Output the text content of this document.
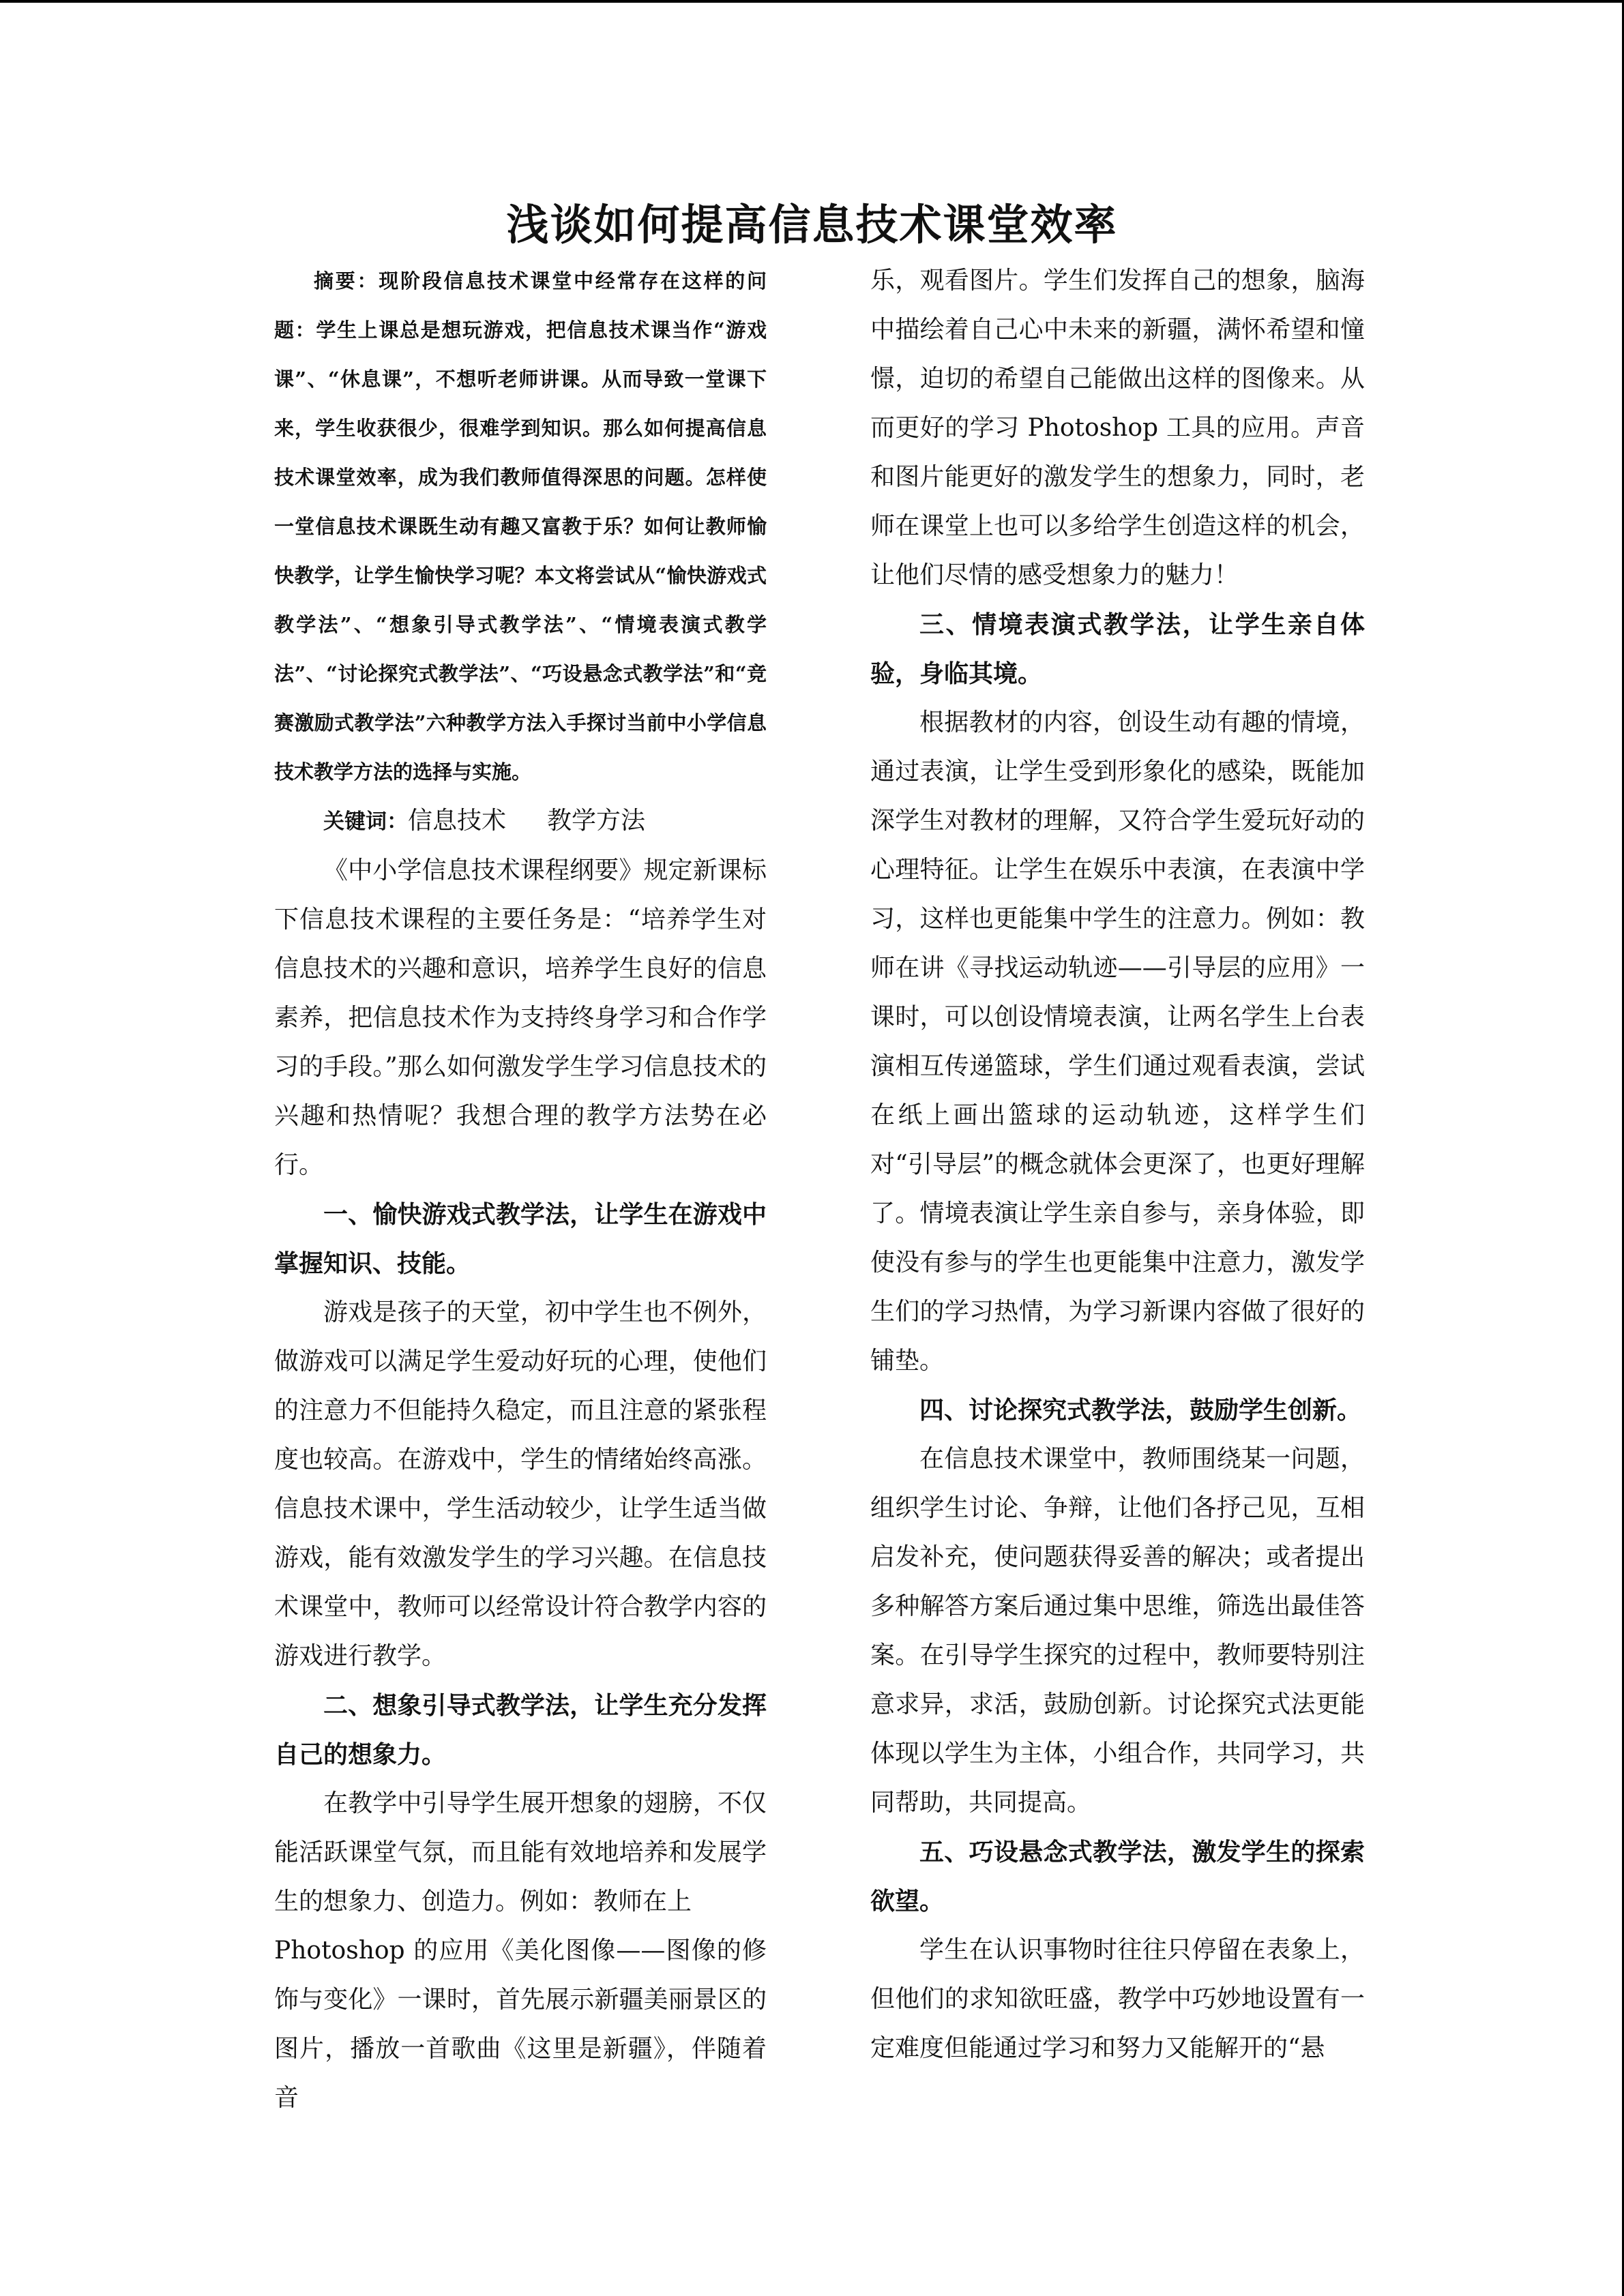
浅谈如何提高信息技术课堂效率

摘要：现阶段信息技术课堂中经常存在这样的问题：学生上课总是想玩游戏，把信息技术课当作“游戏课”、“休息课”，不想听老师讲课。从而导致一堂课下来，学生收获很少，很难学到知识。那么如何提高信息技术课堂效率，成为我们教师值得深思的问题。怎样使一堂信息技术课既生动有趣又富教于乐？如何让教师愉快教学，让学生愉快学习呢？本文将尝试从“愉快游戏式教学法”、“想象引导式教学法”、“情境表演式教学法”、“讨论探究式教学法”、“巧设悬念式教学法”和“竞赛激励式教学法”六种教学方法入手探讨当前中小学信息技术教学方法的选择与实施。

关键词：信息技术 教学方法

《中小学信息技术课程纲要》规定新课标下信息技术课程的主要任务是：“培养学生对信息技术的兴趣和意识，培养学生良好的信息素养，把信息技术作为支持终身学习和合作学习的手段。”那么如何激发学生学习信息技术的兴趣和热情呢？我想合理的教学方法势在必行。

一、愉快游戏式教学法，让学生在游戏中掌握知识、技能。

游戏是孩子的天堂，初中学生也不例外，做游戏可以满足学生爱动好玩的心理，使他们的注意力不但能持久稳定，而且注意的紧张程度也较高。在游戏中，学生的情绪始终高涨。信息技术课中，学生活动较少，让学生适当做游戏，能有效激发学生的学习兴趣。在信息技术课堂中，教师可以经常设计符合教学内容的游戏进行教学。

二、想象引导式教学法，让学生充分发挥自己的想象力。

在教学中引导学生展开想象的翅膀，不仅能活跃课堂气氛，而且能有效地培养和发展学生的想象力、创造力。例如：教师在上

Photoshop 的应用《美化图像——图像的修饰与变化》一课时，首先展示新疆美丽景区的图片，播放一首歌曲《这里是新疆》，伴随着音

乐，观看图片。学生们发挥自己的想象，脑海中描绘着自己心中未来的新疆，满怀希望和憧憬，迫切的希望自己能做出这样的图像来。从而更好的学习 Photoshop 工具的应用。声音和图片能更好的激发学生的想象力，同时，老师在课堂上也可以多给学生创造这样的机会，让他们尽情的感受想象力的魅力！

三、情境表演式教学法，让学生亲自体验，身临其境。

根据教材的内容，创设生动有趣的情境，通过表演，让学生受到形象化的感染，既能加深学生对教材的理解，又符合学生爱玩好动的心理特征。让学生在娱乐中表演，在表演中学习，这样也更能集中学生的注意力。例如：教师在讲《寻找运动轨迹——引导层的应用》一课时，可以创设情境表演，让两名学生上台表演相互传递篮球，学生们通过观看表演，尝试在纸上画出篮球的运动轨迹，这样学生们对“引导层”的概念就体会更深了，也更好理解了。情境表演让学生亲自参与，亲身体验，即使没有参与的学生也更能集中注意力，激发学生们的学习热情，为学习新课内容做了很好的铺垫。

四、讨论探究式教学法，鼓励学生创新。

在信息技术课堂中，教师围绕某一问题，组织学生讨论、争辩，让他们各抒己见，互相启发补充，使问题获得妥善的解决；或者提出多种解答方案后通过集中思维，筛选出最佳答案。在引导学生探究的过程中，教师要特别注意求异，求活，鼓励创新。讨论探究式法更能体现以学生为主体，小组合作，共同学习，共同帮助，共同提高。

五、巧设悬念式教学法，激发学生的探索欲望。

学生在认识事物时往往只停留在表象上，但他们的求知欲旺盛，教学中巧妙地设置有一定难度但能通过学习和努力又能解开的“悬
